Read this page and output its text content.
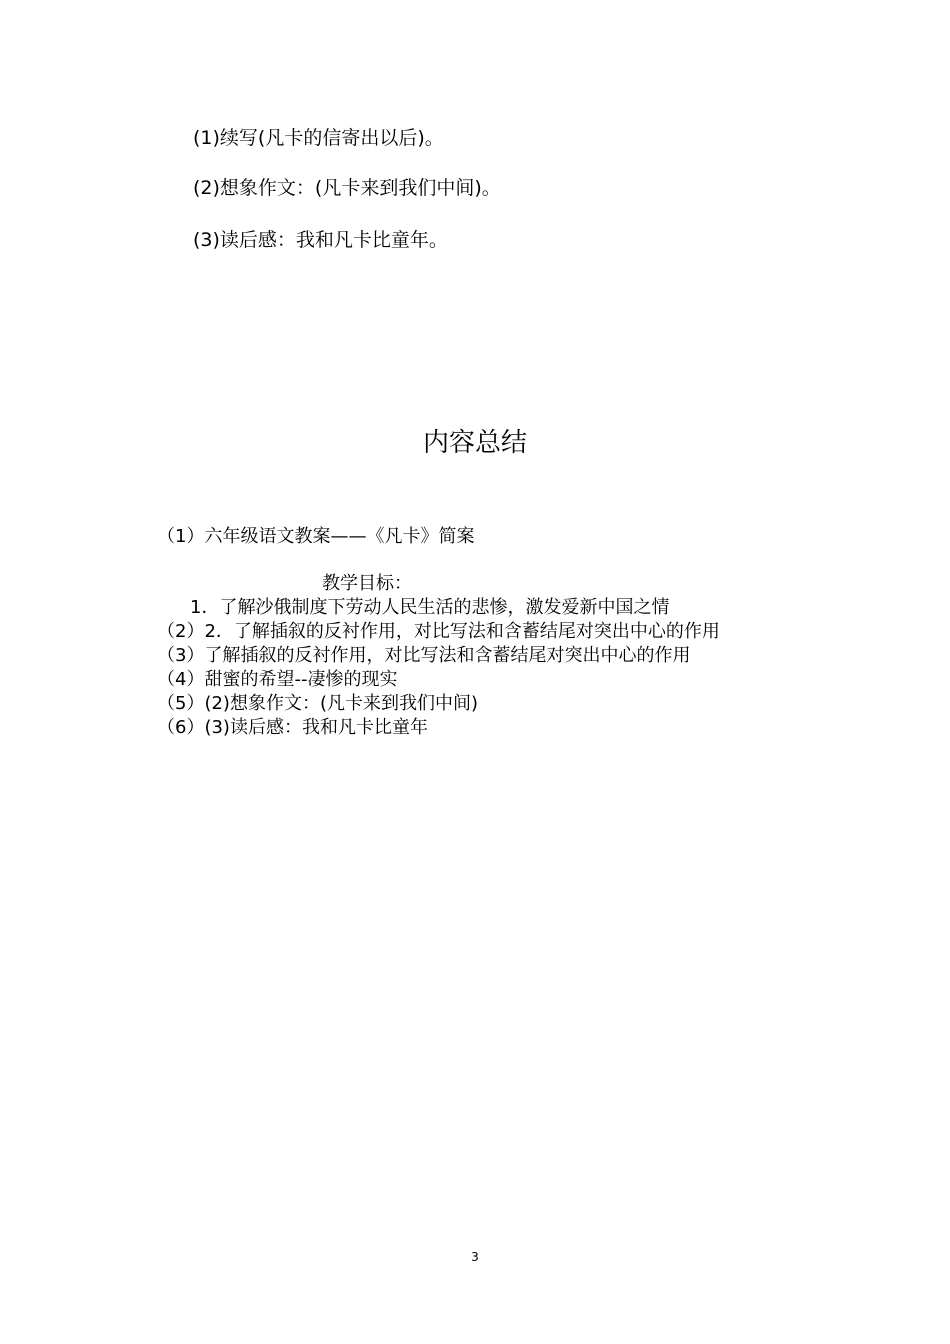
(1)续写(凡卡的信寄出以后)。
(2)想象作文：(凡卡来到我们中间)。
(3)读后感：我和凡卡比童年。
内容总结
（1）六年级语文教案——《凡卡》简案
教学目标：
1．了解沙俄制度下劳动人民生活的悲惨，激发爱新中国之情
（2）2．了解插叙的反衬作用，对比写法和含蓄结尾对突出中心的作用
（3）了解插叙的反衬作用，对比写法和含蓄结尾对突出中心的作用
（4）甜蜜的希望--凄惨的现实
（5）(2)想象作文：(凡卡来到我们中间)
（6）(3)读后感：我和凡卡比童年
3
